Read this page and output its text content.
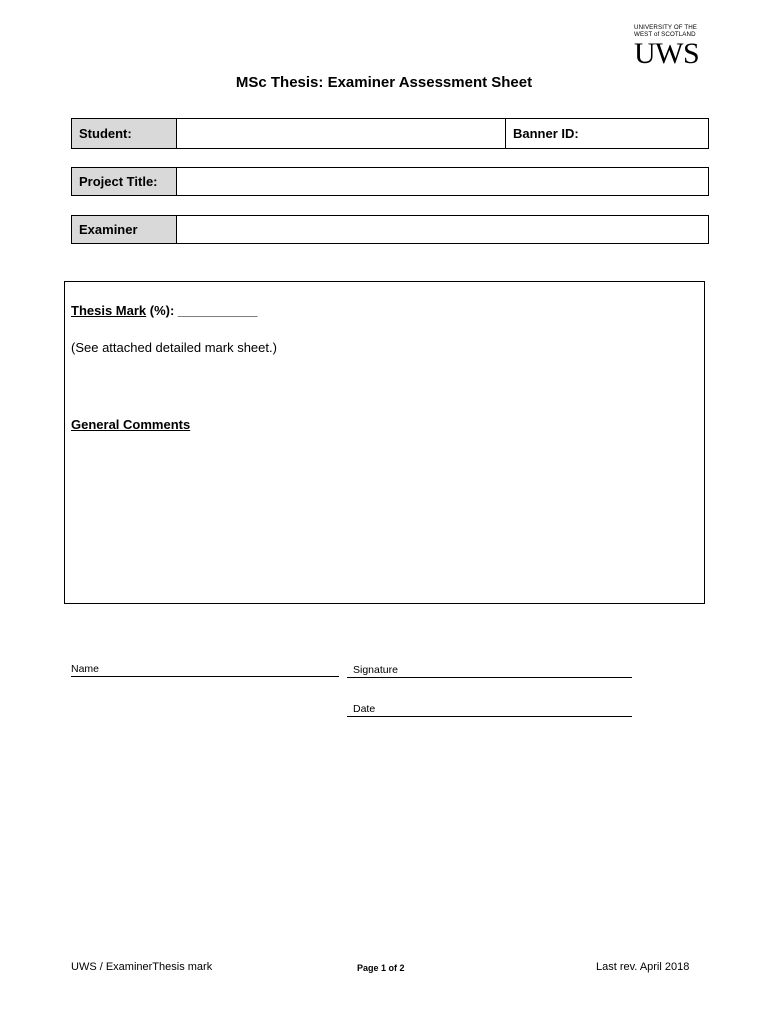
UNIVERSITY OF THE
WEST of SCOTLAND
UWS
MSc Thesis: Examiner Assessment Sheet
Student:	Banner ID:
Project Title:
Examiner
Thesis Mark (%): ___________
(See attached detailed mark sheet.)
General Comments
Name	Signature
Date
UWS / ExaminerThesis mark	Page 1 of 2	Last rev. April 2018
